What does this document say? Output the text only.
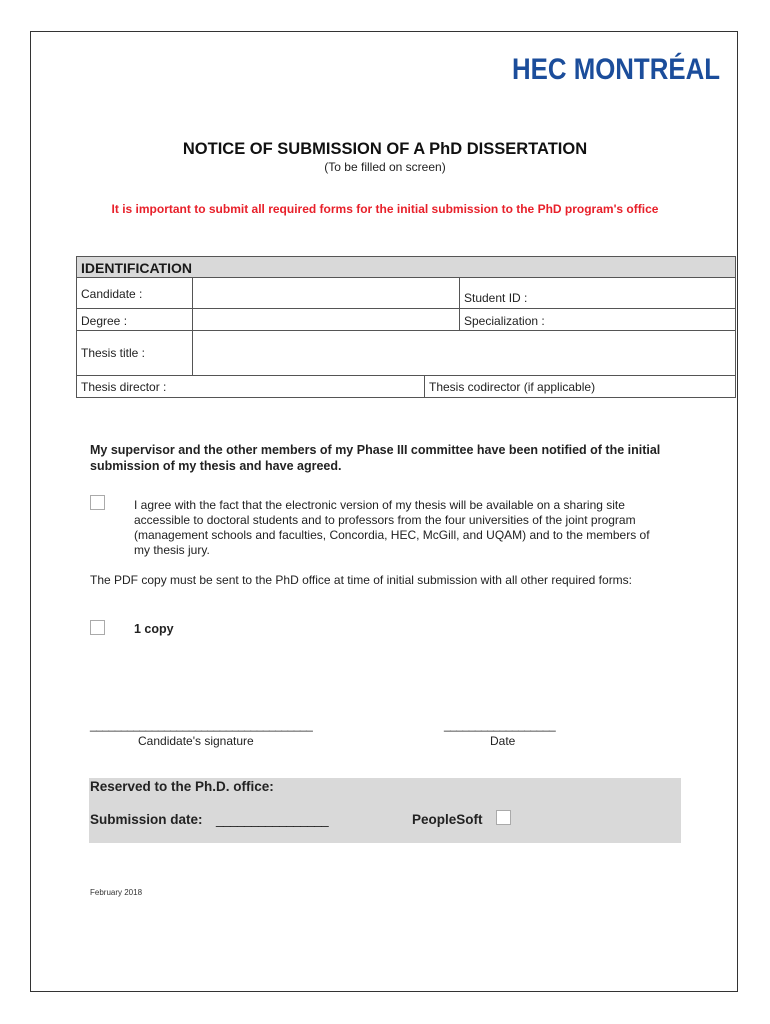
HEC MONTRÉAL
NOTICE OF SUBMISSION OF A PhD DISSERTATION
(To be filled on screen)
It is important to submit all required forms for the initial submission to the PhD program's office
IDENTIFICATION
Candidate :	Student ID :
Degree :	Specialization :
Thesis title :
Thesis director :	Thesis codirector (if applicable)
My supervisor and the other members of my Phase III committee have been notified of the initial
submission of my thesis and have agreed.
I agree with the fact that the electronic version of my thesis will be available on a sharing site
accessible to doctoral students and to professors from the four universities of the joint program
(management schools and faculties, Concordia, HEC, McGill, and UQAM) and to the members of
my thesis jury.
The PDF copy must be sent to the PhD office at time of initial submission with all other required forms:
1 copy
____________________________________
Candidate's signature
__________________
Date
Reserved to the Ph.D. office:
Submission date: ________________	PeopleSoft
February 2018
